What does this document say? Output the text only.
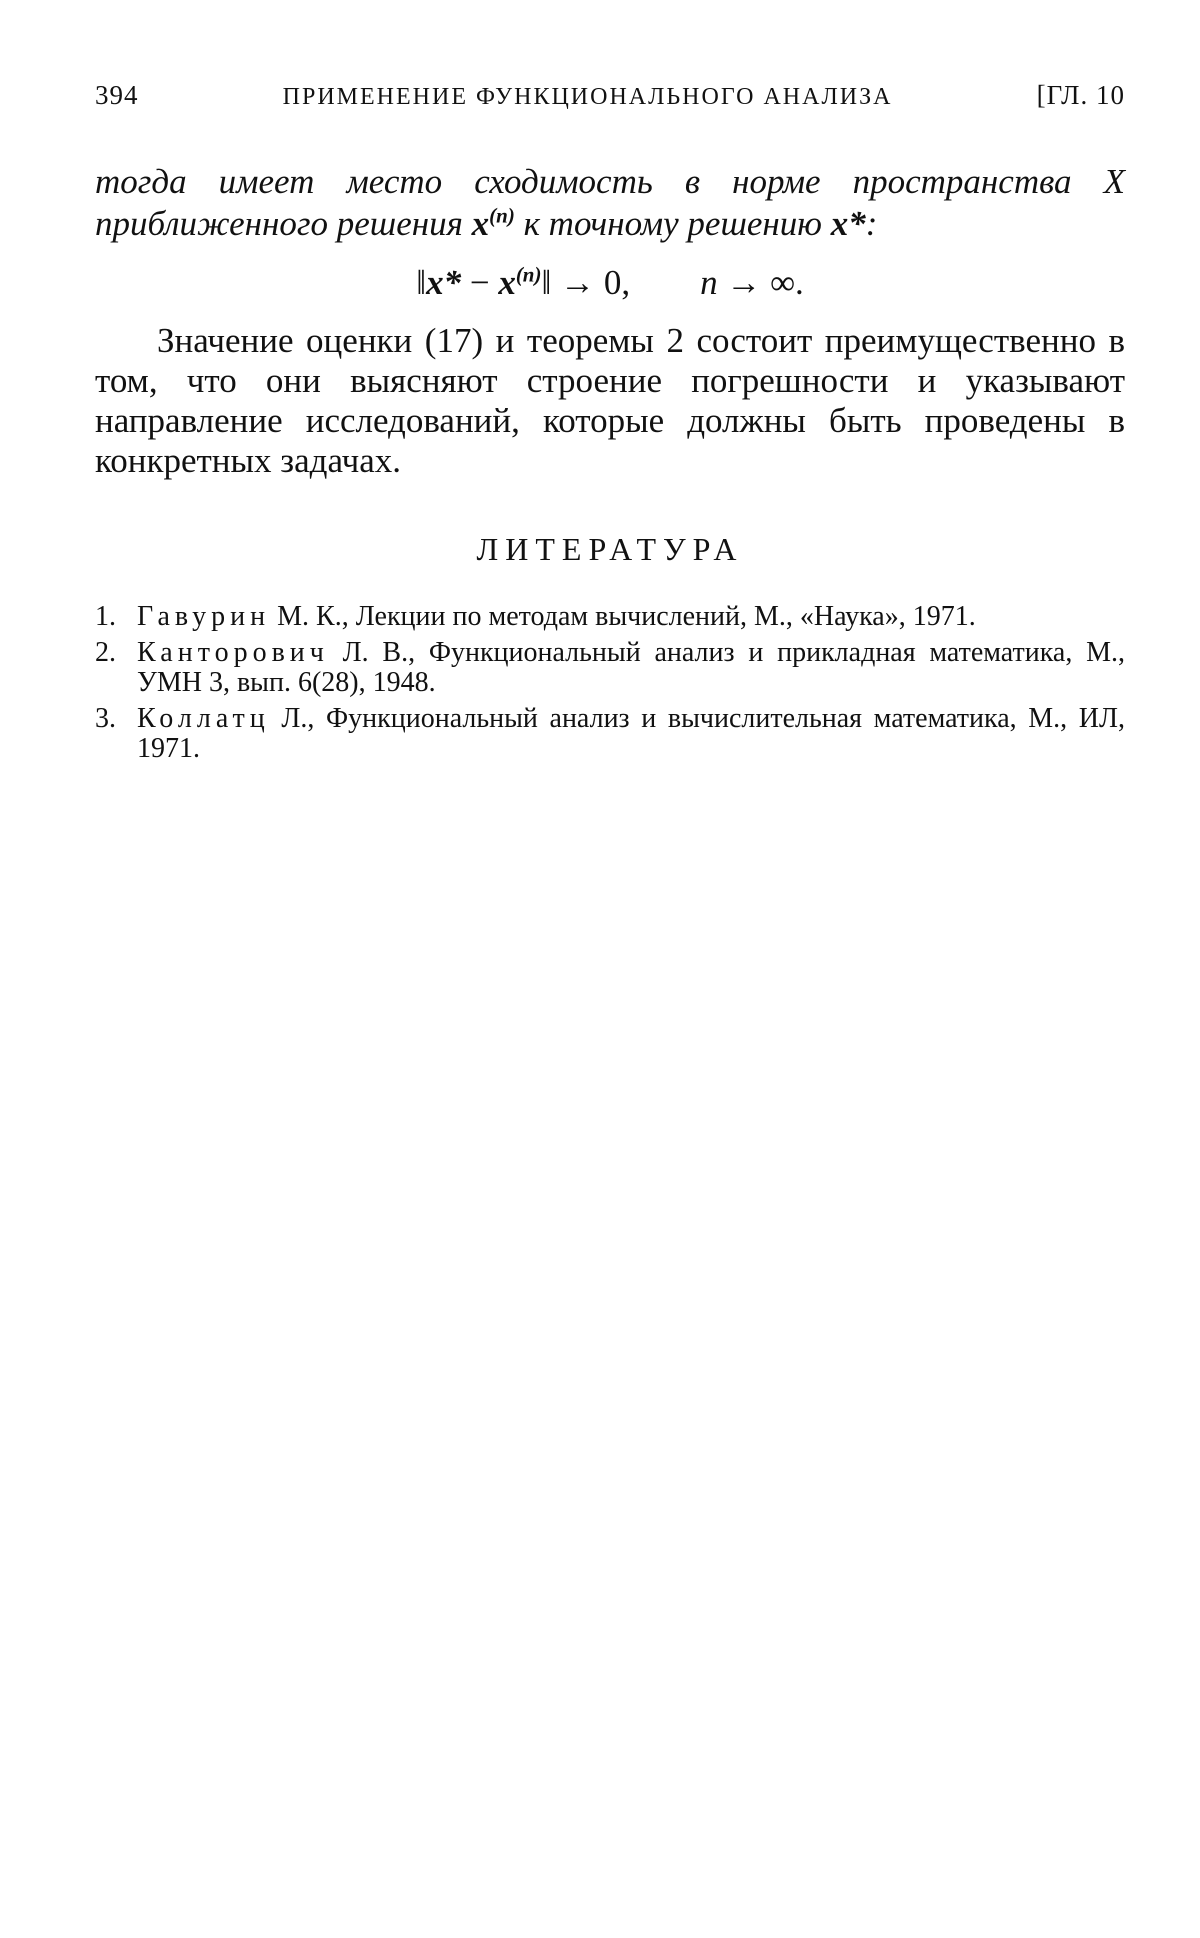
394	ПРИМЕНЕНИЕ ФУНКЦИОНАЛЬНОГО АНАЛИЗА	[ГЛ. 10
тогда имеет место сходимость в норме пространства X приближенного решения $x^{(n)}$ к точному решению x*:
‖x* − $x^{(n)}‖ \to 0$, n → ∞.

Значение оценки (17) и теоремы 2 состоит преимущественно в том, что они выясняют строение погрешности и указывают направление исследований, которые должны быть проведены в конкретных задачах.

ЛИТЕРАТУРА
1. Гавурин М. К., Лекции по методам вычислений, М., «Наука», 1971.
2. Канторович Л. В., Функциональный анализ и прикладная математика, М., УМН 3, вып. 6(28), 1948.
3. Коллатц Л., Функциональный анализ и вычислительная математика, М., ИЛ, 1971.
